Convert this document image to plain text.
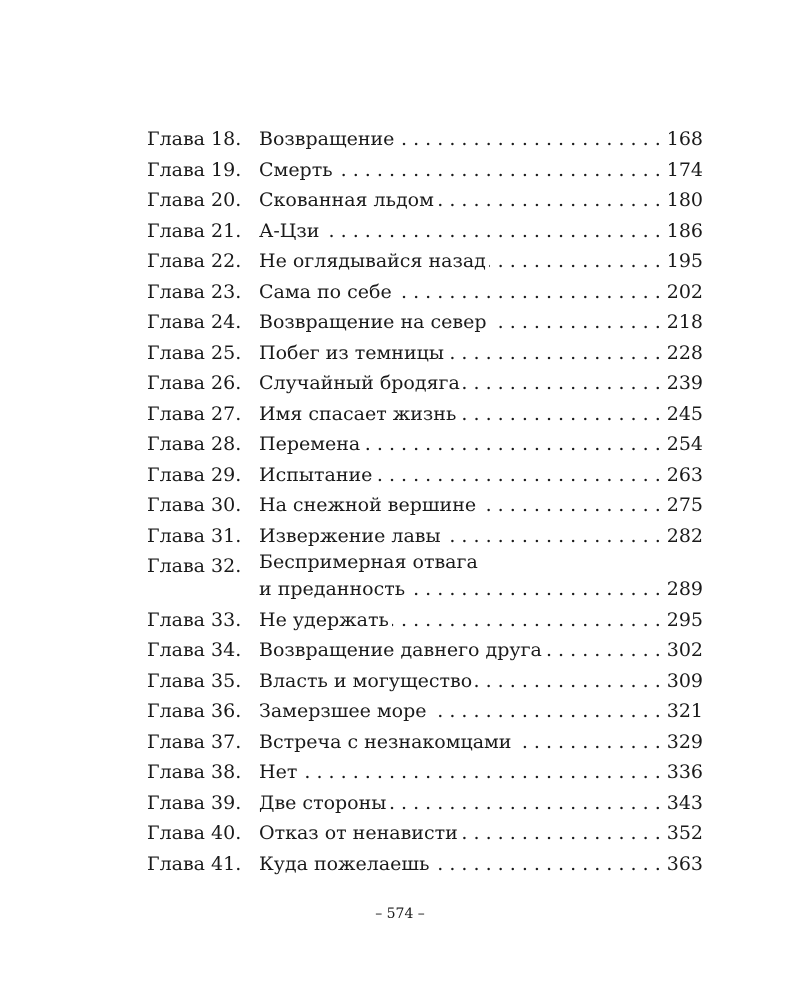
Глава 18. Возвращение . . .	168
Глава 19. Смерть . . .	174
Глава 20. Скованная льдом . . .	180
Глава 21. А-Цзи . . .	186
Глава 22. Не оглядывайся назад . . .	195
Глава 23. Сама по себе . . .	202
Глава 24. Возвращение на север . . .	218
Глава 25. Побег из темницы . . .	228
Глава 26. Случайный бродяга . . .	239
Глава 27. Имя спасает жизнь . . .	245
Глава 28. Перемена . . .	254
Глава 29. Испытание . . .	263
Глава 30. На снежной вершине . . .	275
Глава 31. Извержение лавы . . .	282
Глава 32. Беспримерная отвага
и преданность . . .	289
Глава 33. Не удержать . . .	295
Глава 34. Возвращение давнего друга . . .	302
Глава 35. Власть и могущество . . .	309
Глава 36. Замерзшее море . . .	321
Глава 37. Встреча с незнакомцами . . .	329
Глава 38. Нет . . .	336
Глава 39. Две стороны . . .	343
Глава 40. Отказ от ненависти . . .	352
Глава 41. Куда пожелаешь . . .	363
– 574 –
